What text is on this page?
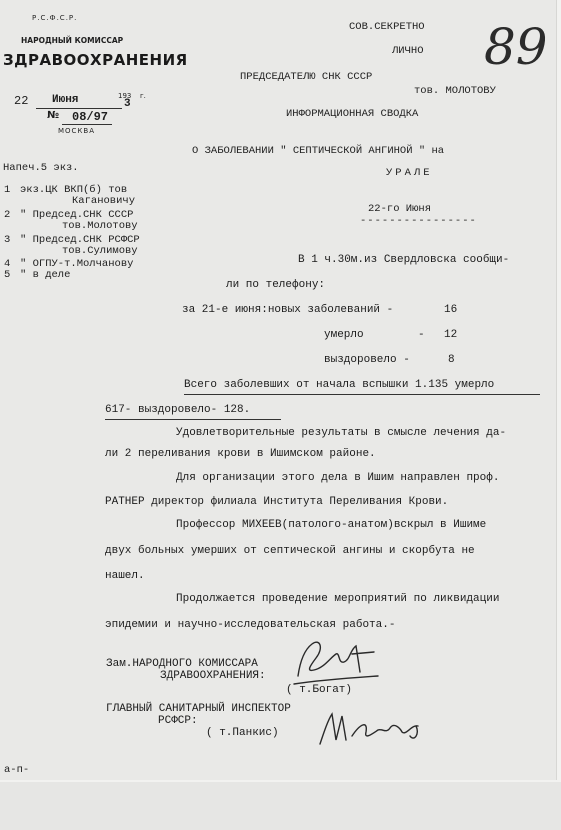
Р.С.Ф.С.Р.
НАРОДНЫЙ КОМИССАР
ЗДРАВООХРАНЕНИЯ
22 Июня	193 г.
3
№ 08/97
МОСКВА
СОВ.СЕКРЕТНО
ЛИЧНО 89
ПРЕДСЕДАТЕЛЮ СНК СССР
тов. МОЛОТОВУ
ИНФОРМАЦИОННАЯ СВОДКА
О ЗАБОЛЕВАНИИ " СЕПТИЧЕСКОЙ АНГИНОЙ " на
УРАЛЕ
22-го Июня
----------------
Напеч.5 экз.
1 экз.ЦК ВКП(б) тов
Кагановичу
2 " Председ.СНК СССР
тов.Молотову
3 " Председ.СНК РСФСР
тов.Сулимову
4 " ОГПУ-т.Молчанову
5 " в деле
В 1 ч.30м.из Свердловска сообщи-
ли по телефону:
за 21-е июня:новых заболеваний -	16
умерло	- 12
выздоровело -	8
Всего заболевших от начала вспышки 1.135 умерло
617- выздоровело- 128.
Удовлетворительные результаты в смысле лечения да-
ли 2 переливания крови в Ишимском районе.
Для организации этого дела в Ишим направлен проф.
РАТНЕР директор филиала Института Переливания Крови.
Профессор МИХЕЕВ(патолого-анатом)вскрыл в Ишиме
двух больных умерших от септической ангины и скорбута не
нашел.
Продолжается проведение мероприятий по ликвидации
эпидемии и научно-исследовательская работа.-
Зам.НАРОДНОГО КОМИССАРА
ЗДРАВООХРАНЕНИЯ:
( т.Богат)
ГЛАВНЫЙ САНИТАРНЫЙ ИНСПЕКТОР
РСФСР:
( т.Панкис)
а-п-
